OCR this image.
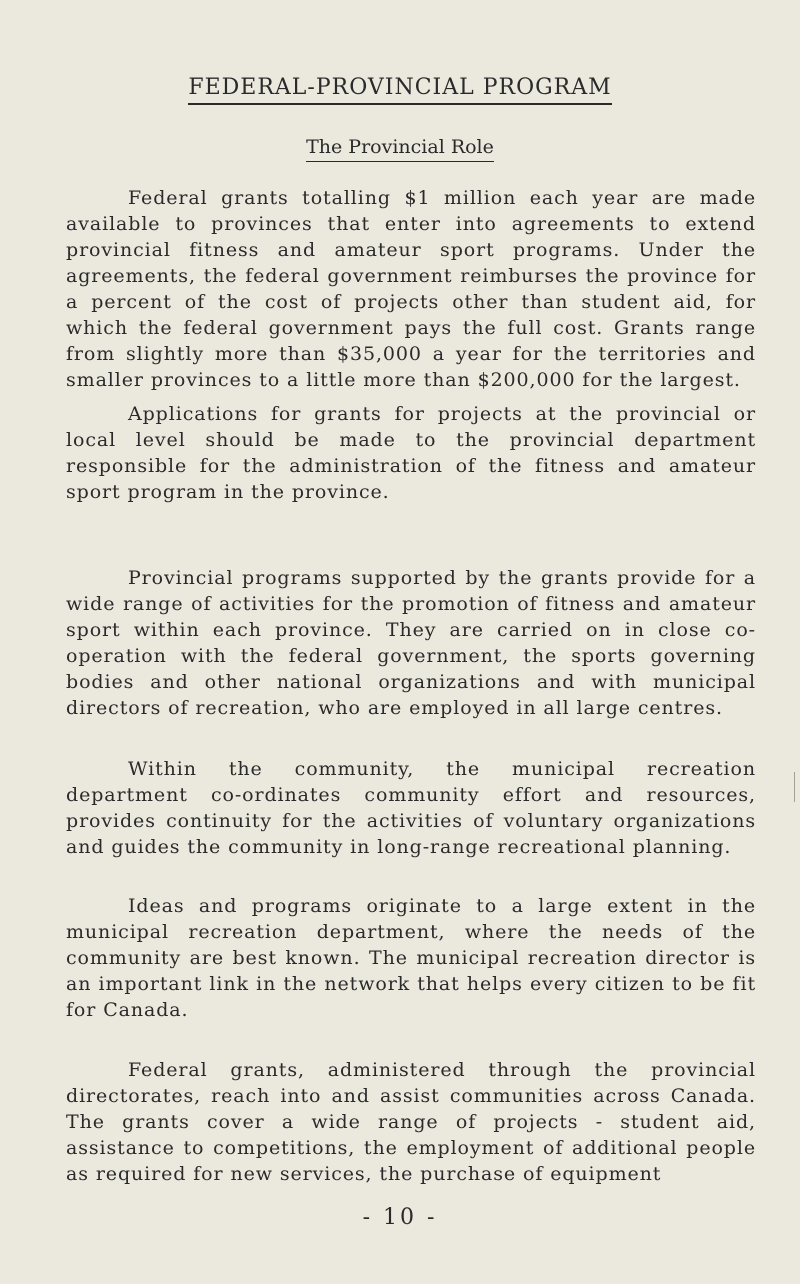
FEDERAL-PROVINCIAL PROGRAM
The Provincial Role

Federal grants totalling $1 million each year are made available to provinces that enter into agreements to extend provincial fitness and amateur sport programs. Under the agreements, the federal government reimburses the province for a percent of the cost of projects other than student aid, for which the federal government pays the full cost. Grants range from slightly more than $35,000 a year for the territories and smaller provinces to a little more than $200,000 for the largest.

Applications for grants for projects at the provincial or local level should be made to the provincial department responsible for the administration of the fitness and amateur sport program in the province.

Provincial programs supported by the grants provide for a wide range of activities for the promotion of fitness and amateur sport within each province. They are carried on in close co-operation with the federal government, the sports governing bodies and other national organizations and with municipal directors of recreation, who are employed in all large centres.

Within the community, the municipal recreation department co-ordinates community effort and resources, provides continuity for the activities of voluntary organizations and guides the community in long-range recreational planning.

Ideas and programs originate to a large extent in the municipal recreation department, where the needs of the community are best known. The municipal recreation director is an important link in the network that helps every citizen to be fit for Canada.

Federal grants, administered through the provincial directorates, reach into and assist communities across Canada. The grants cover a wide range of projects - student aid, assistance to competitions, the employment of additional people as required for new services, the purchase of equipment

- 10 -
